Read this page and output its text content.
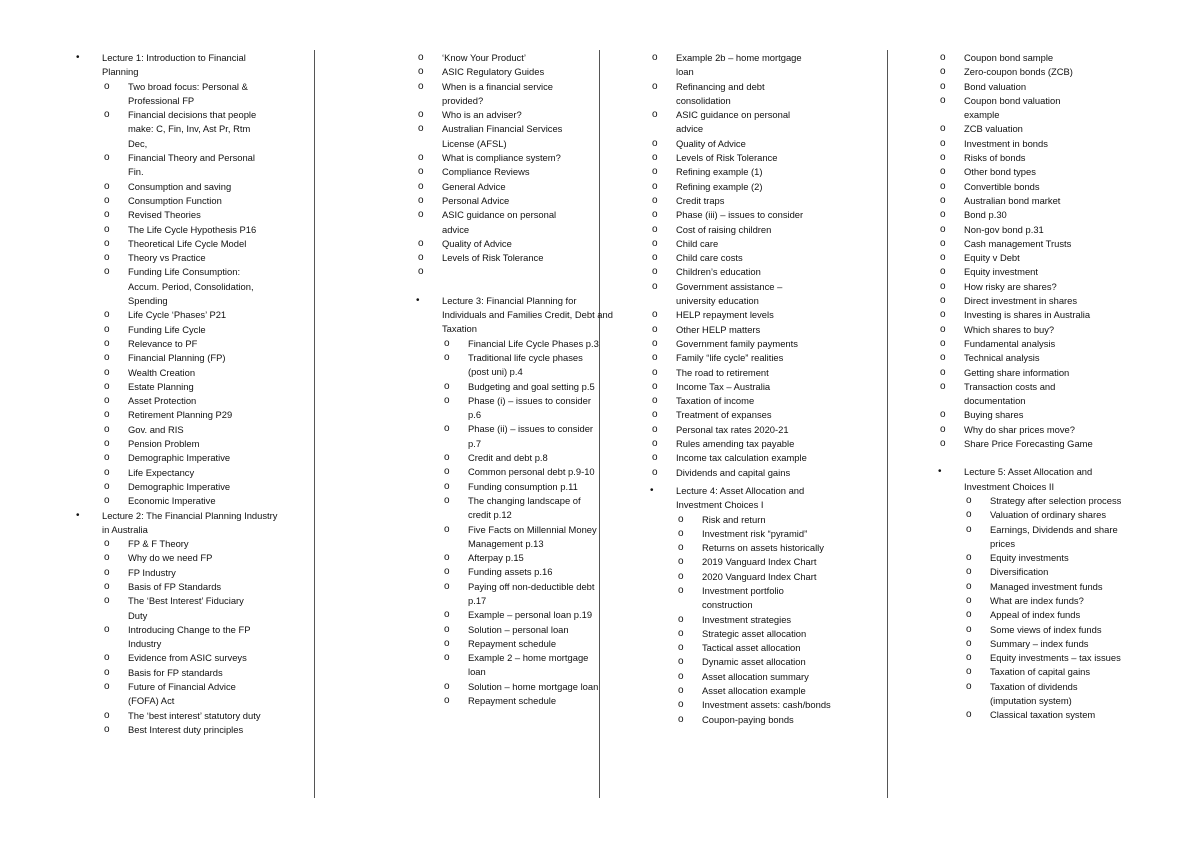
• Lecture 1: Introduction to Financial Planning
o Two broad focus: Personal & Professional FP
o Financial decisions that people make: C, Fin, Inv, Ast Pr, Rtm Dec,
o Financial Theory and Personal Fin.
o Consumption and saving
o Consumption Function
o Revised Theories
o The Life Cycle Hypothesis P16
o Theoretical Life Cycle Model
o Theory vs Practice
o Funding Life Consumption: Accum. Period, Consolidation, Spending
o Life Cycle ‘Phases’ P21
o Funding Life Cycle
o Relevance to PF
o Financial Planning (FP)
o Wealth Creation
o Estate Planning
o Asset Protection
o Retirement Planning P29
o Gov. and RIS
o Pension Problem
o Demographic Imperative
o Life Expectancy
o Demographic Imperative
o Economic Imperative
• Lecture 2: The Financial Planning Industry in Australia
o FP & F Theory
o Why do we need FP
o FP Industry
o Basis of FP Standards
o The ‘Best Interest’ Fiduciary Duty
o Introducing Change to the FP Industry
o Evidence from ASIC surveys
o Basis for FP standards
o Future of Financial Advice (FOFA) Act
o The ‘best interest’ statutory duty
o Best Interest duty principles
o ‘Know Your Product’
o ASIC Regulatory Guides
o When is a financial service provided?
o Who is an adviser?
o Australian Financial Services License (AFSL)
o What is compliance system?
o Compliance Reviews
o General Advice
o Personal Advice
o ASIC guidance on personal advice
o Quality of Advice
o Levels of Risk Tolerance
o

• Lecture 3: Financial Planning for Individuals and Families Credit, Debt and Taxation
o Financial Life Cycle Phases p.3
o Traditional life cycle phases (post uni) p.4
o Budgeting and goal setting p.5
o Phase (i) – issues to consider p.6
o Phase (ii) – issues to consider p.7
o Credit and debt p.8
o Common personal debt p.9-10
o Funding consumption p.11
o The changing landscape of credit p.12
o Five Facts on Millennial Money Management p.13
o Afterpay p.15
o Funding assets p.16
o Paying off non-deductible debt p.17
o Example – personal loan p.19
o Solution – personal loan
o Repayment schedule
o Example 2 – home mortgage loan
o Solution – home mortgage loan
o Repayment schedule
o Example 2b – home mortgage loan
o Refinancing and debt consolidation
o ASIC guidance on personal advice
o Quality of Advice
o Levels of Risk Tolerance
o Refining example (1)
o Refining example (2)
o Credit traps
o Phase (iii) – issues to consider
o Cost of raising children
o Child care
o Child care costs
o Children’s education
o Government assistance – university education
o HELP repayment levels
o Other HELP matters
o Government family payments
o Family “life cycle” realities
o The road to retirement
o Income Tax – Australia
o Taxation of income
o Treatment of expanses
o Personal tax rates 2020-21
o Rules amending tax payable
o Income tax calculation example
o Dividends and capital gains
• Lecture 4: Asset Allocation and Investment Choices I
o Risk and return
o Investment risk “pyramid”
o Returns on assets historically
o 2019 Vanguard Index Chart
o 2020 Vanguard Index Chart
o Investment portfolio construction
o Investment strategies
o Strategic asset allocation
o Tactical asset allocation
o Dynamic asset allocation
o Asset allocation summary
o Asset allocation example
o Investment assets: cash/bonds
o Coupon-paying bonds
o Coupon bond sample
o Zero-coupon bonds (ZCB)
o Bond valuation
o Coupon bond valuation example
o ZCB valuation
o Investment in bonds
o Risks of bonds
o Other bond types
o Convertible bonds
o Australian bond market
o Bond p.30
o Non-gov bond p.31
o Cash management Trusts
o Equity v Debt
o Equity investment
o How risky are shares?
o Direct investment in shares
o Investing is shares in Australia
o Which shares to buy?
o Fundamental analysis
o Technical analysis
o Getting share information
o Transaction costs and documentation
o Buying shares
o Why do shar prices move?
o Share Price Forecasting Game
• Lecture 5: Asset Allocation and Investment Choices II
o Strategy after selection process
o Valuation of ordinary shares
o Earnings, Dividends and share prices
o Equity investments
o Diversification
o Managed investment funds
o What are index funds?
o Appeal of index funds
o Some views of index funds
o Summary – index funds
o Equity investments – tax issues
o Taxation of capital gains
o Taxation of dividends (imputation system)
o Classical taxation system
